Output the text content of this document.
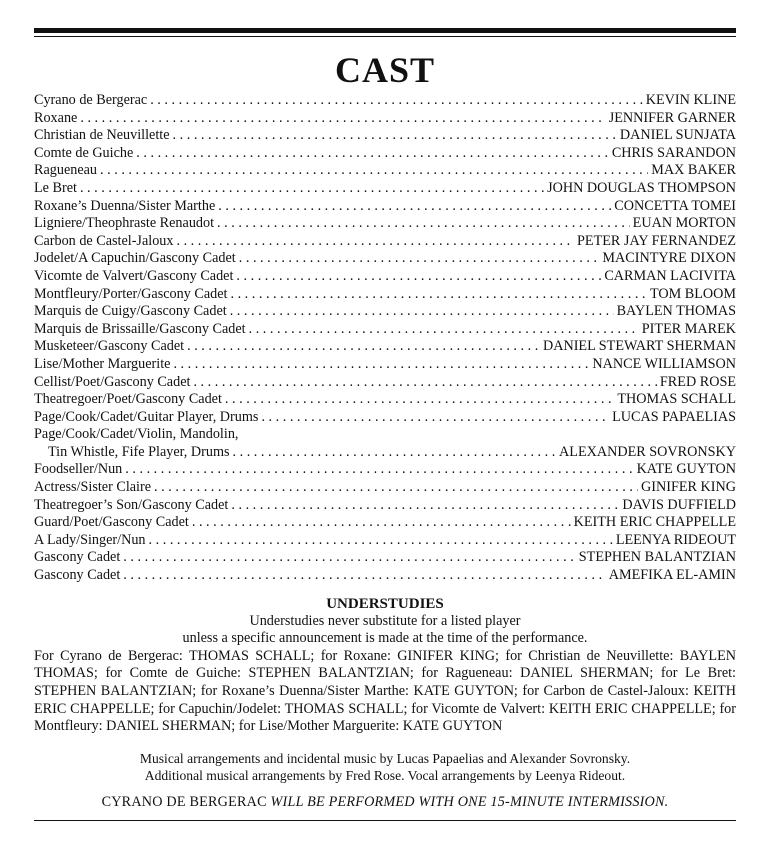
CAST
Cyrano de Bergerac . . .	KEVIN KLINE
Roxane . . .	JENNIFER GARNER
Christian de Neuvillette . . .	DANIEL SUNJATA
Comte de Guiche . . .	CHRIS SARANDON
Ragueneau . . .	MAX BAKER
Le Bret . . .	JOHN DOUGLAS THOMPSON
Roxane’s Duenna/Sister Marthe . . .	CONCETTA TOMEI
Ligniere/Theophraste Renaudot . . .	EUAN MORTON
Carbon de Castel-Jaloux . . .	PETER JAY FERNANDEZ
Jodelet/A Capuchin/Gascony Cadet . . .	MACINTYRE DIXON
Vicomte de Valvert/Gascony Cadet . . .	CARMAN LACIVITA
Montfleury/Porter/Gascony Cadet . . .	TOM BLOOM
Marquis de Cuigy/Gascony Cadet . . .	BAYLEN THOMAS
Marquis de Brissaille/Gascony Cadet . . .	PITER MAREK
Musketeer/Gascony Cadet . . .	DANIEL STEWART SHERMAN
Lise/Mother Marguerite . . .	NANCE WILLIAMSON
Cellist/Poet/Gascony Cadet . . .	FRED ROSE
Theatregoer/Poet/Gascony Cadet . . .	THOMAS SCHALL
Page/Cook/Cadet/Guitar Player, Drums . . .	LUCAS PAPAELIAS
Page/Cook/Cadet/Violin, Mandolin,
Tin Whistle, Fife Player, Drums . . .	ALEXANDER SOVRONSKY
Foodseller/Nun . . .	KATE GUYTON
Actress/Sister Claire . . .	GINIFER KING
Theatregoer’s Son/Gascony Cadet . . .	DAVIS DUFFIELD
Guard/Poet/Gascony Cadet . . .	KEITH ERIC CHAPPELLE
A Lady/Singer/Nun . . .	LEENYA RIDEOUT
Gascony Cadet . . .	STEPHEN BALANTZIAN
Gascony Cadet . . .	AMEFIKA EL-AMIN
UNDERSTUDIES
Understudies never substitute for a listed player
unless a specific announcement is made at the time of the performance.
For Cyrano de Bergerac: THOMAS SCHALL; for Roxane: GINIFER KING; for Christian de Neuvillette: BAYLEN THOMAS; for Comte de Guiche: STEPHEN BALANTZIAN; for Ragueneau: DANIEL SHERMAN; for Le Bret: STEPHEN BALANTZIAN; for Roxane’s Duenna/Sister Marthe: KATE GUYTON; for Carbon de Castel-Jaloux: KEITH ERIC CHAPPELLE; for Capuchin/Jodelet: THOMAS SCHALL; for Vicomte de Valvert: KEITH ERIC CHAPPELLE; for Montfleury: DANIEL SHERMAN; for Lise/Mother Marguerite: KATE GUYTON
Musical arrangements and incidental music by Lucas Papaelias and Alexander Sovronsky.
Additional musical arrangements by Fred Rose. Vocal arrangements by Leenya Rideout.
CYRANO DE BERGERAC WILL BE PERFORMED WITH ONE 15-MINUTE INTERMISSION.
